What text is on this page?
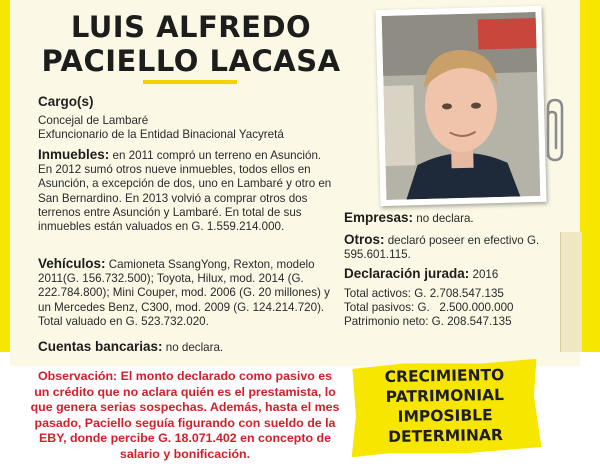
LUIS ALFREDO
PACIELLO LACASA
Cargo(s)
Concejal de Lambaré
Exfuncionario de la Entidad Binacional Yacyretá
Inmuebles: en 2011 compró un terreno en Asunción. En 2012 sumó otros nueve inmuebles, todos ellos en Asunción, a excepción de dos, uno en Lambaré y otro en San Bernardino. En 2013 volvió a comprar otros dos terrenos entre Asunción y Lambaré. En total de sus inmuebles están valuados en G. 1.559.214.000.
Vehículos: Camioneta SsangYong, Rexton, modelo 2011(G. 156.732.500); Toyota, Hilux, mod. 2014 (G. 222.784.800); Mini Couper, mod. 2006 (G. 20 millones) y un Mercedes Benz, C300, mod. 2009 (G. 124.214.720). Total valuado en G. 523.732.020.
Cuentas bancarias: no declara.
Empresas: no declara.
Otros: declaró poseer en efectivo G. 595.601.115.
Declaración jurada: 2016
Total activos: G. 2.708.547.135
Total pasivos: G.   2.500.000.000
Patrimonio neto: G. 208.547.135
Observación: El monto declarado como pasivo es un crédito que no aclara quién es el prestamista, lo que genera serias sospechas. Además, hasta el mes pasado, Paciello seguía figurando con sueldo de la EBY, donde percibe G. 18.071.402 en concepto de salario y bonificación.
CRECIMIENTO
PATRIMONIAL
IMPOSIBLE
DETERMINAR
